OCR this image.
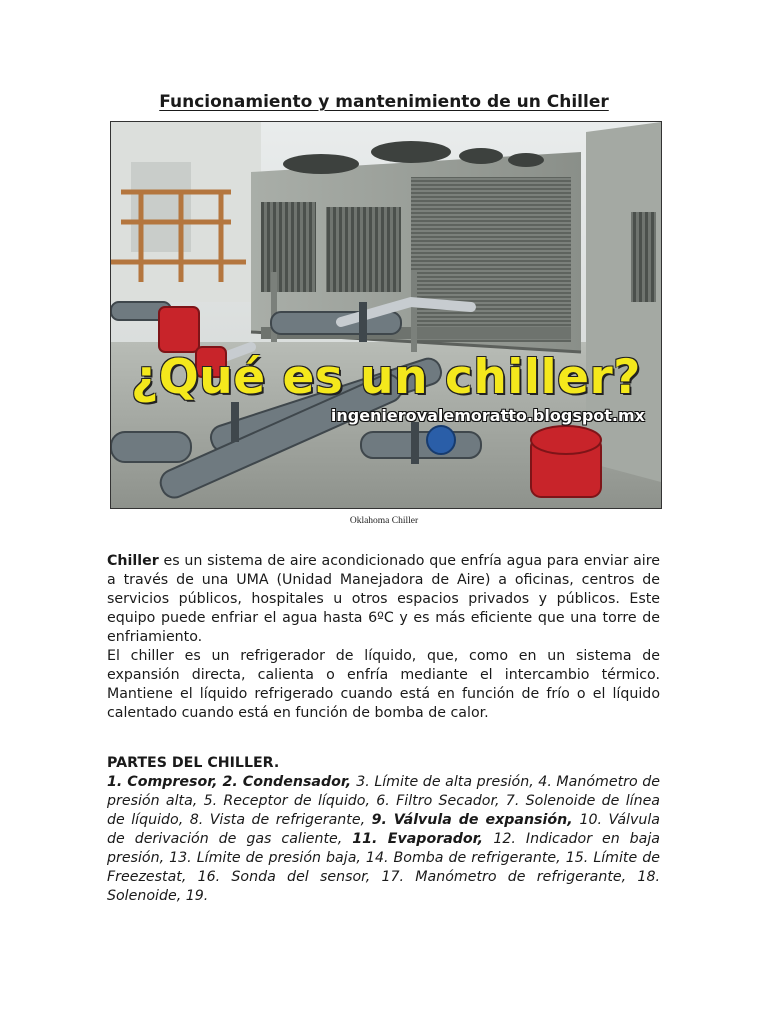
Funcionamiento y mantenimiento de un Chiller
¿Qué es un chiller?
ingenierovalemoratto.blogspot.mx
Oklahoma Chiller

Chiller es un sistema de aire acondicionado que enfría agua para enviar aire a través de una UMA (Unidad Manejadora de Aire) a oficinas, centros de servicios públicos, hospitales u otros espacios privados y públicos. Este equipo puede enfriar el agua hasta 6ºC y es más eficiente que una torre de enfriamiento.

El chiller es un refrigerador de líquido, que, como en un sistema de expansión directa, calienta o enfría mediante el intercambio térmico. Mantiene el líquido refrigerado cuando está en función de frío o el líquido calentado cuando está en función de bomba de calor.

PARTES DEL CHILLER.
1. Compresor, 2. Condensador, 3. Límite de alta presión, 4. Manómetro de presión alta, 5. Receptor de líquido, 6. Filtro Secador, 7. Solenoide de línea de líquido, 8. Vista de refrigerante, 9. Válvula de expansión, 10. Válvula de derivación de gas caliente, 11. Evaporador, 12. Indicador en baja presión, 13. Límite de presión baja, 14. Bomba de refrigerante, 15. Límite de Freezestat, 16. Sonda del sensor, 17. Manómetro de refrigerante, 18. Solenoide, 19.
